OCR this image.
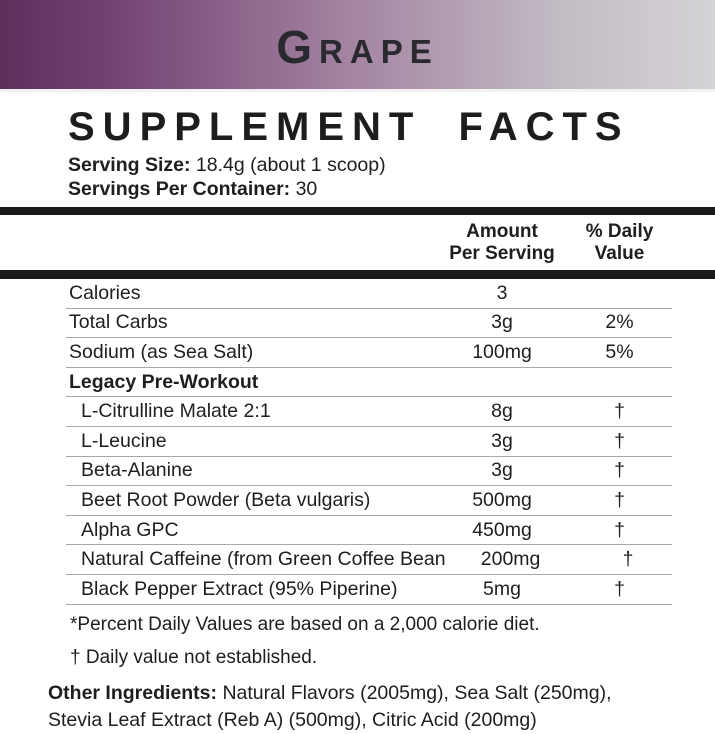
GRAPE
SUPPLEMENT FACTS
Serving Size: 18.4g (about 1 scoop)
Servings Per Container: 30
Amount
Per Serving
% Daily
Value
Calories	3
Total Carbs	3g	2%
Sodium (as Sea Salt)	100mg	5%
Legacy Pre-Workout
L-Citrulline Malate 2:1	8g	†
L-Leucine	3g	†
Beta-Alanine	3g	†
Beet Root Powder (Beta vulgaris)	500mg	†
Alpha GPC	450mg	†
Natural Caffeine (from Green Coffee Bean	200mg	†
Black Pepper Extract (95% Piperine)	5mg	†

*Percent Daily Values are based on a 2,000 calorie diet.

† Daily value not established.

Other Ingredients: Natural Flavors (2005mg), Sea Salt (250mg), Stevia Leaf Extract (Reb A) (500mg), Citric Acid (200mg)
